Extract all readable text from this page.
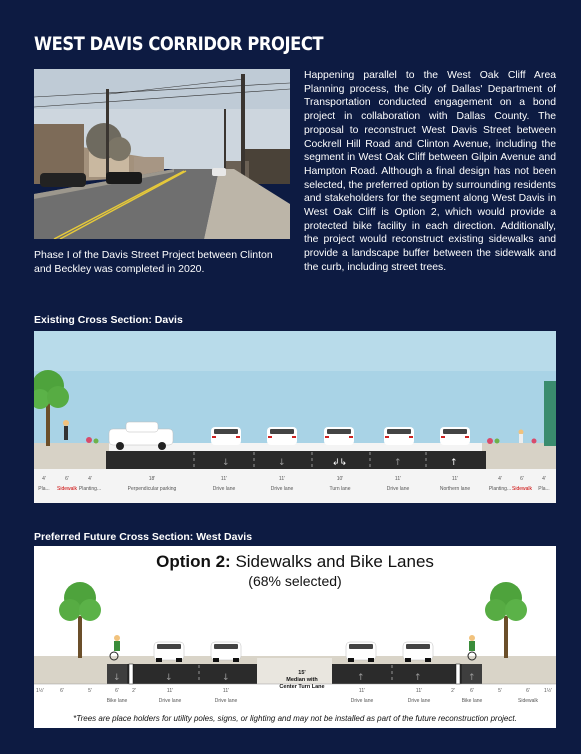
WEST DAVIS CORRIDOR PROJECT
Phase I of the Davis Street Project between Clinton and Beckley was completed in 2020.
Happening parallel to the West Oak Cliff Area Planning process, the City of Dallas' Department of Transportation conducted engagement on a bond project in collaboration with Dallas County. The proposal to reconstruct West Davis Street between Cockrell Hill Road and Clinton Avenue, including the segment in West Oak Cliff between Gilpin Avenue and Hampton Road. Although a final design has not been selected, the preferred option by surrounding residents and stakeholders for the segment along West Davis in West Oak Cliff is Option 2, which would provide a protected bike facility in each direction. Additionally, the project would reconstruct existing sidewalks and provide a landscape buffer between the sidewalk and the curb, including street trees.
Existing Cross Section: Davis
↓	↓	↑	↑
↲↳
4'	6'	4'	18'	11'	11'	10'	11'	11'	4'	6'	4'
Pla... Sidewalk Planting...	Perpendicular parking	Drive lane	Drive lane	Turn lane	Drive lane	Northern lane	Planting... Sidewalk Pla...
Preferred Future Cross Section: West Davis
Option 2: Sidewalks and Bike Lanes
(68% selected)
↓	↓	↓	↑	↑	↑
15'
Median with
Center Turn Lane
1½'	6'	5'	6'	2'	11'	11'	11'	11'	2'	6'	5'	6'	1½'
Bike lane	Drive lane	Drive lane	Drive lane	Drive lane	Bike lane	Sidewalk
*Trees are place holders for utility poles, signs, or lighting and may not be installed as part of the future reconstruction project.
